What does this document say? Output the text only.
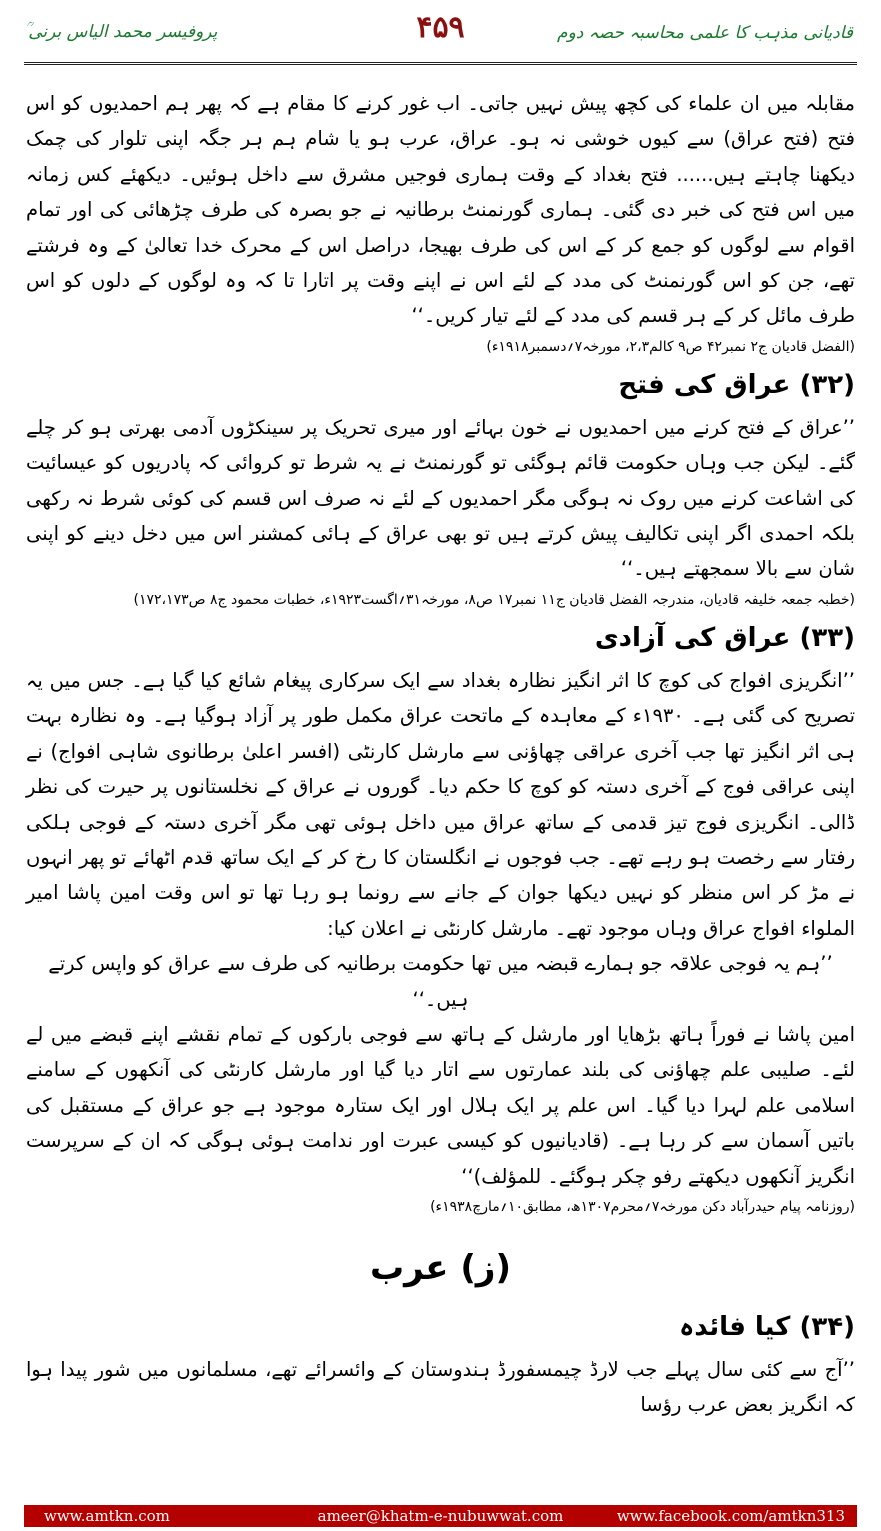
پروفیسر محمد الیاس برنی ؒ	۴۵۹	قادیانی مذہب کا علمی محاسبہ حصہ دوم

مقابلہ میں ان علماء کی کچھ پیش نہیں جاتی۔ اب غور کرنے کا مقام ہے کہ پھر ہم احمدیوں کو اس فتح (فتح عراق) سے کیوں خوشی نہ ہو۔ عراق، عرب ہو یا شام ہم ہر جگہ اپنی تلوار کی چمک دیکھنا چاہتے ہیں...... فتح بغداد کے وقت ہماری فوجیں مشرق سے داخل ہوئیں۔ دیکھئے کس زمانہ میں اس فتح کی خبر دی گئی۔ ہماری گورنمنٹ برطانیہ نے جو بصرہ کی طرف چڑھائی کی اور تمام اقوام سے لوگوں کو جمع کر کے اس کی طرف بھیجا، دراصل اس کے محرک خدا تعالیٰ کے وہ فرشتے تھے، جن کو اس گورنمنٹ کی مدد کے لئے اس نے اپنے وقت پر اتارا تا کہ وہ لوگوں کے دلوں کو اس طرف مائل کر کے ہر قسم کی مدد کے لئے تیار کریں۔‘‘

(الفضل قادیان ج۲ نمبر۴۲ ص۹ کالم۲،۳، مورخہ۷؍دسمبر۱۹۱۸ء)
(۳۲) عراق کی فتح

’’عراق کے فتح کرنے میں احمدیوں نے خون بہائے اور میری تحریک پر سینکڑوں آدمی بھرتی ہو کر چلے گئے۔ لیکن جب وہاں حکومت قائم ہوگئی تو گورنمنٹ نے یہ شرط تو کروائی کہ پادریوں کو عیسائیت کی اشاعت کرنے میں روک نہ ہوگی مگر احمدیوں کے لئے نہ صرف اس قسم کی کوئی شرط نہ رکھی بلکہ احمدی اگر اپنی تکالیف پیش کرتے ہیں تو بھی عراق کے ہائی کمشنر اس میں دخل دینے کو اپنی شان سے بالا سمجھتے ہیں۔‘‘

(خطبہ جمعہ خلیفہ قادیان، مندرجہ الفضل قادیان ج۱۱ نمبر۱۷ ص۸، مورخہ۳۱؍اگست۱۹۲۳ء، خطبات محمود ج۸ ص۱۷۲،۱۷۳)
(۳۳) عراق کی آزادی

’’انگریزی افواج کی کوچ کا اثر انگیز نظارہ بغداد سے ایک سرکاری پیغام شائع کیا گیا ہے۔ جس میں یہ تصریح کی گئی ہے۔ ۱۹۳۰ء کے معاہدہ کے ماتحت عراق مکمل طور پر آزاد ہوگیا ہے۔ وہ نظارہ بہت ہی اثر انگیز تھا جب آخری عراقی چھاؤنی سے مارشل کارنٹی (افسر اعلیٰ برطانوی شاہی افواج) نے اپنی عراقی فوج کے آخری دستہ کو کوچ کا حکم دیا۔ گوروں نے عراق کے نخلستانوں پر حیرت کی نظر ڈالی۔ انگریزی فوج تیز قدمی کے ساتھ عراق میں داخل ہوئی تھی مگر آخری دستہ کے فوجی ہلکی رفتار سے رخصت ہو رہے تھے۔ جب فوجوں نے انگلستان کا رخ کر کے ایک ساتھ قدم اٹھائے تو پھر انہوں نے مڑ کر اس منظر کو نہیں دیکھا جوان کے جانے سے رونما ہو رہا تھا تو اس وقت امین پاشا امیر الملواء افواج عراق وہاں موجود تھے۔ مارشل کارنٹی نے اعلان کیا:

’’ہم یہ فوجی علاقہ جو ہمارے قبضہ میں تھا حکومت برطانیہ کی طرف سے عراق کو واپس کرتے ہیں۔‘‘

امین پاشا نے فوراً ہاتھ بڑھایا اور مارشل کے ہاتھ سے فوجی بارکوں کے تمام نقشے اپنے قبضے میں لے لئے۔ صلیبی علم چھاؤنی کی بلند عمارتوں سے اتار دیا گیا اور مارشل کارنٹی کی آنکھوں کے سامنے اسلامی علم لہرا دیا گیا۔ اس علم پر ایک ہلال اور ایک ستارہ موجود ہے جو عراق کے مستقبل کی باتیں آسمان سے کر رہا ہے۔ (قادیانیوں کو کیسی عبرت اور ندامت ہوئی ہوگی کہ ان کے سرپرست انگریز آنکھوں دیکھتے رفو چکر ہوگئے۔ للمؤلف)‘‘

(روزنامہ پیام حیدرآباد دکن مورخہ۷؍محرم۱۳۰۷ھ، مطابق۱۰؍مارچ۱۹۳۸ء)
(ز) عرب
(۳۴) کیا فائدہ

’’آج سے کئی سال پہلے جب لارڈ چیمسفورڈ ہندوستان کے وائسرائے تھے، مسلمانوں میں شور پیدا ہوا کہ انگریز بعض عرب رؤسا

www.amtkn.com	ameer@khatm-e-nubuwwat.com	www.facebook.com/amtkn313
